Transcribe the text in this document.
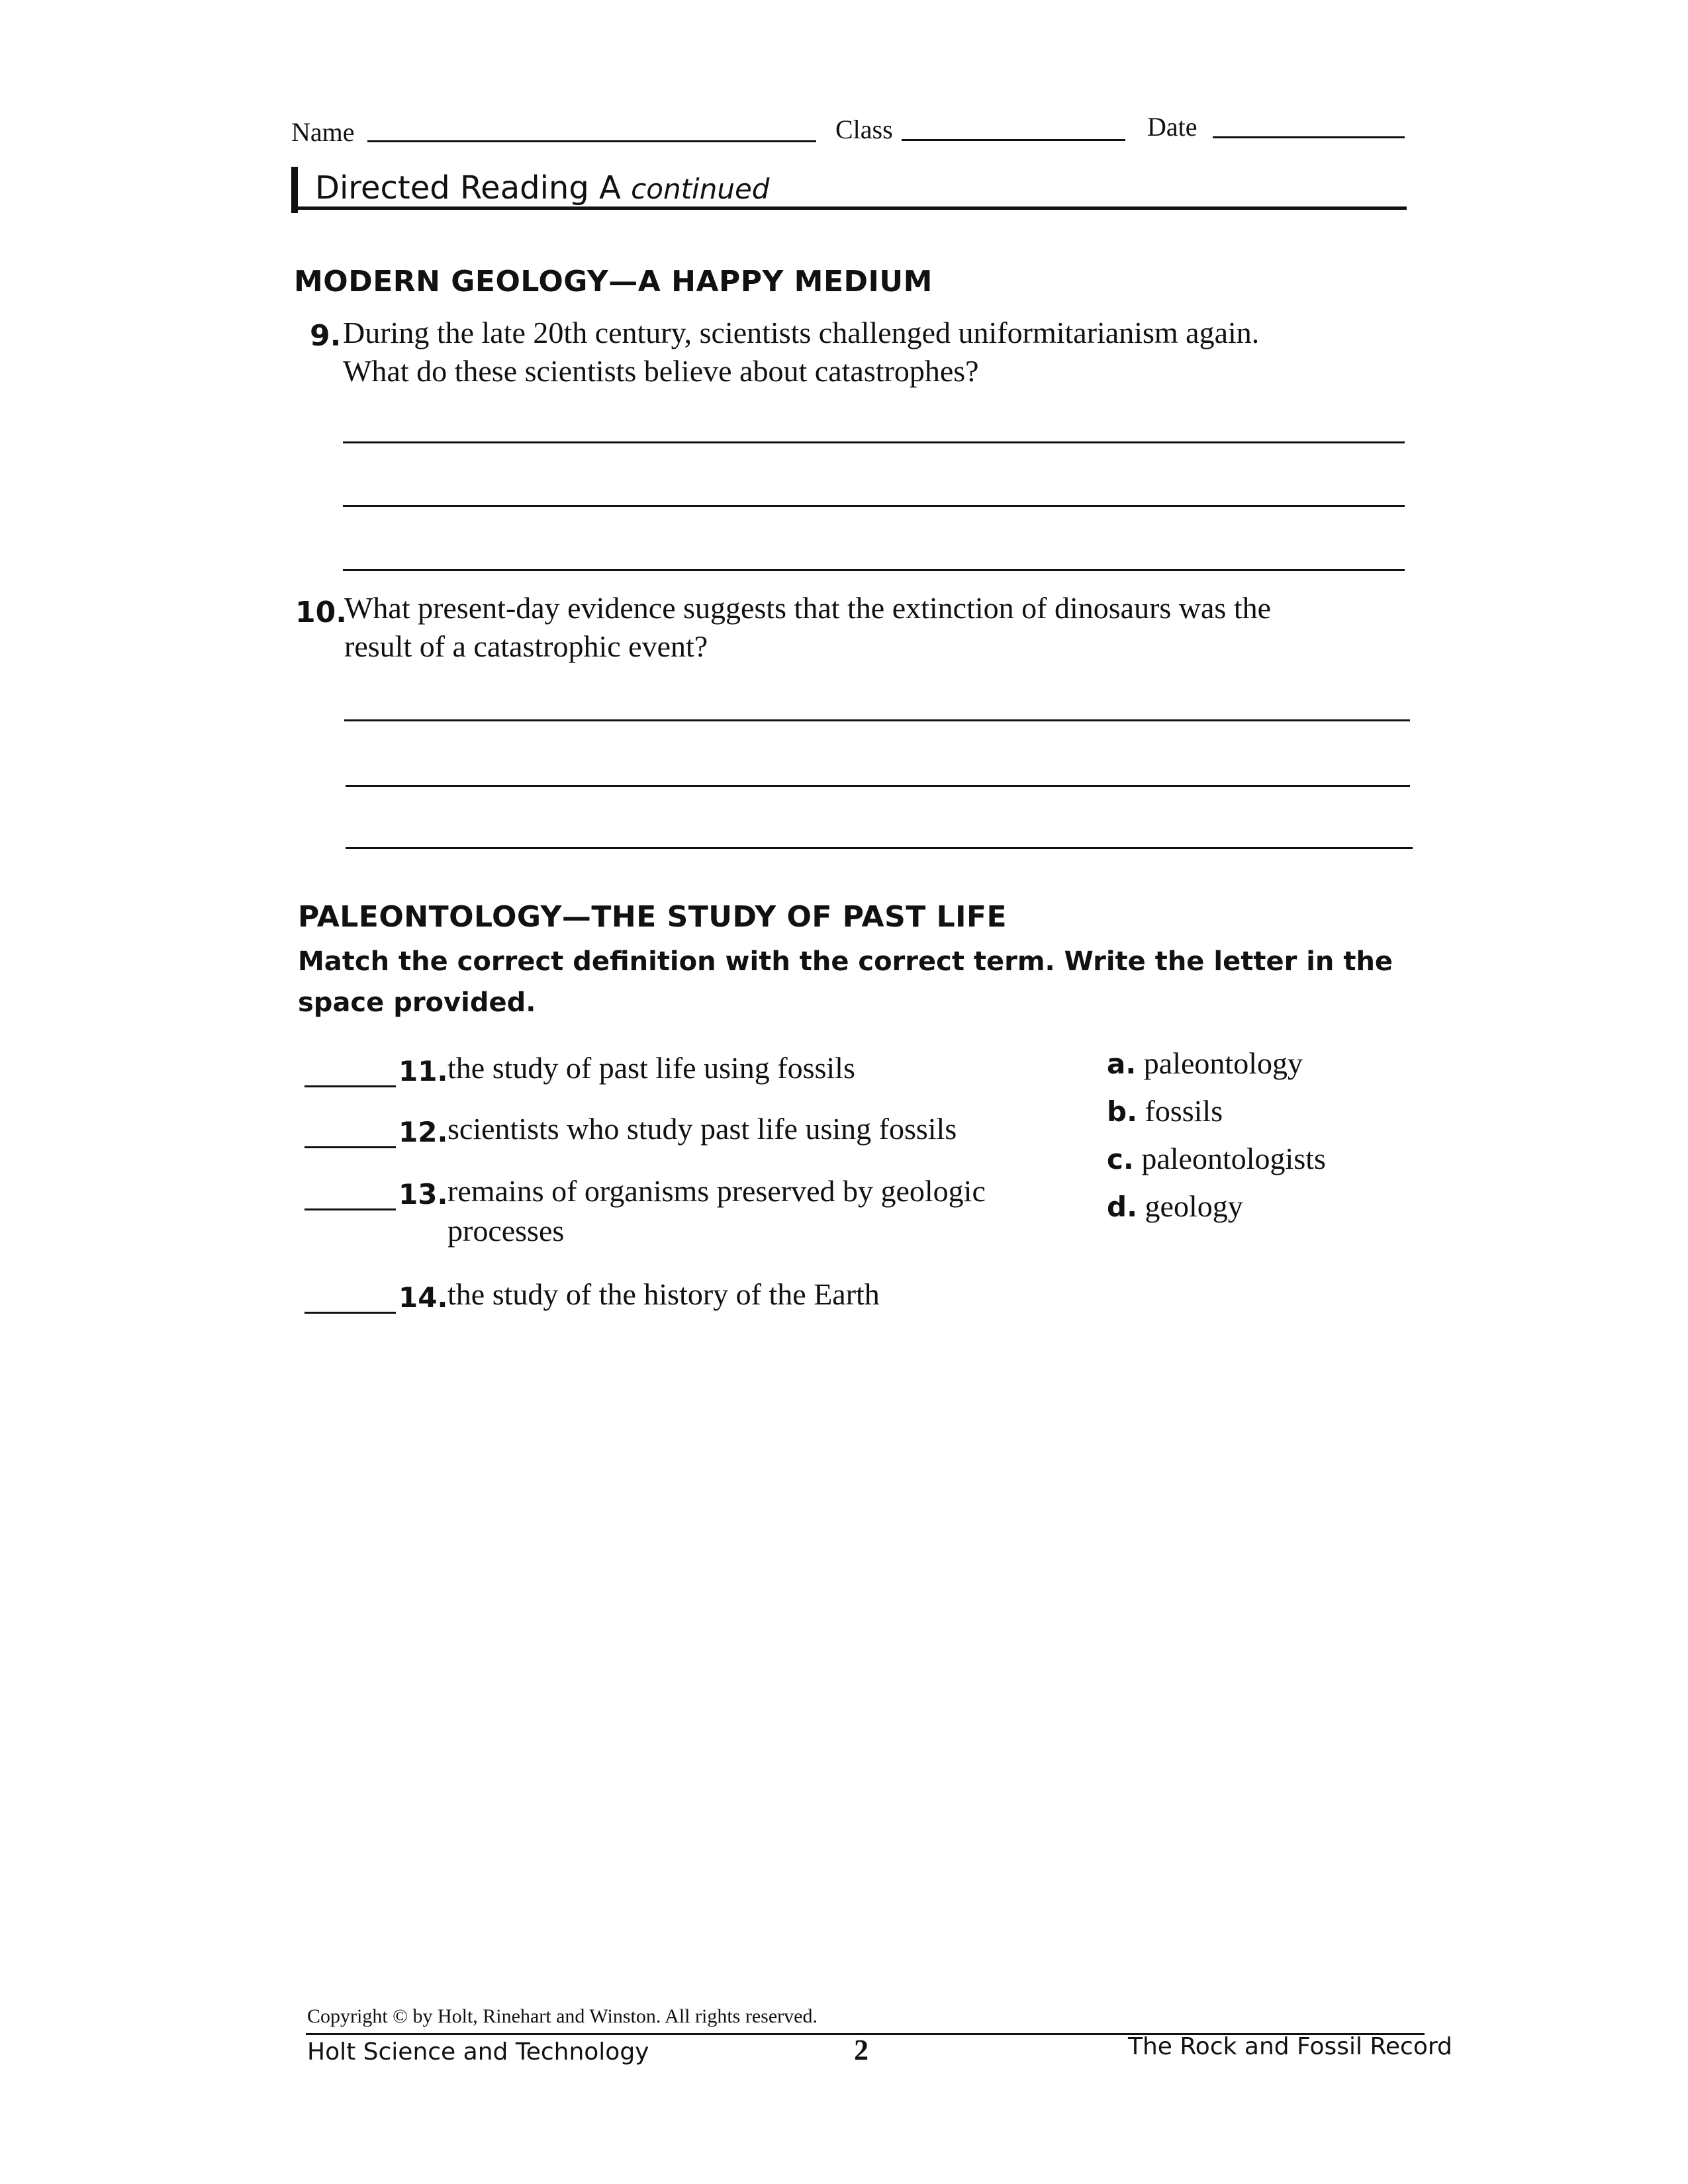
Name	Class	Date
Directed Reading A continued
MODERN GEOLOGY—A HAPPY MEDIUM
9. During the late 20th century, scientists challenged uniformitarianism again.
What do these scientists believe about catastrophes?
10.
What present-day evidence suggests that the extinction of dinosaurs was the
result of a catastrophic event?
PALEONTOLOGY—THE STUDY OF PAST LIFE
Match the correct definition with the correct term. Write the letter in the space provided.
11. the study of past life using fossils
12. scientists who study past life using fossils
13. remains of organisms preserved by geologic
processes
14. the study of the history of the Earth
a. paleontology
b. fossils
c. paleontologists
d. geology
Copyright © by Holt, Rinehart and Winston. All rights reserved.
Holt Science and Technology	2	The Rock and Fossil Record
